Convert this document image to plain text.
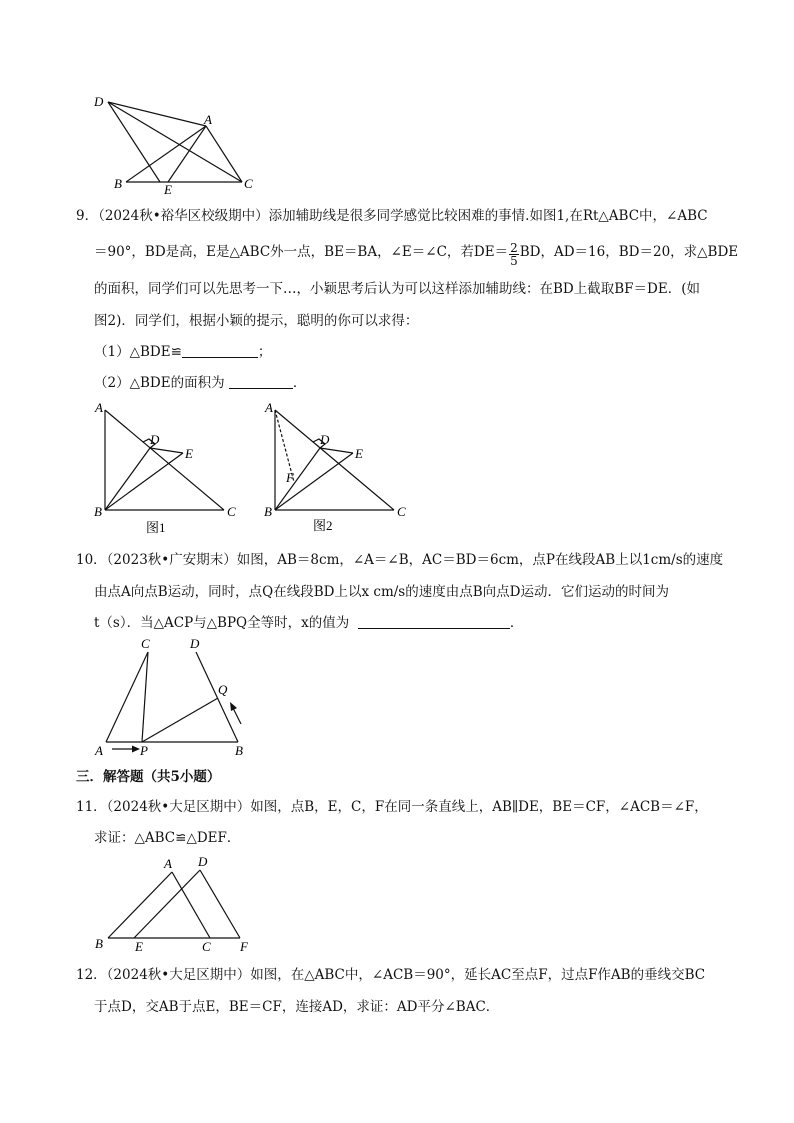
D
A
B	E	C
9．（2024秋•裕华区校级期中）添加辅助线是很多同学感觉比较困难的事情.如图1,在Rt△ABC中，∠ABC
＝90°，BD是高，E是△ABC外一点，BE＝BA，∠E＝∠C，若$DE= \frac{2}{5}$ BD，AD＝16，BD＝20，求△BDE
的面积，同学们可以先思考一下…，小颖思考后认为可以这样添加辅助线：在BD上截取BF＝DE．(如
图2)．同学们，根据小颖的提示，聪明的你可以求得：
（1）△BDE≌	；
（2）△BDE的面积为	．
A
D
E
B	C
图1
A
D
E
F
B	C
图2
10．（2023秋•广安期末）如图，AB＝8cm，∠A＝∠B，AC＝BD＝6cm，点P在线段AB上以1cm/s的速度
由点A向点B运动，同时，点Q在线段BD上以x cm/s的速度由点B向点D运动．它们运动的时间为
t（s）．当△ACP与△BPQ全等时，x的值为	．
C	D
Q
A	P	B
三．解答题（共5小题）
11．（2024秋•大足区期中）如图，点B，E，C，F在同一条直线上，AB∥DE，BE＝CF，∠ACB＝∠F，
求证：△ABC≌△DEF．
A D
B E	C F
12．（2024秋•大足区期中）如图，在△ABC中，∠ACB＝90°，延长AC至点F，过点F作AB的垂线交BC
于点D，交AB于点E，BE＝CF，连接AD，求证：AD平分∠BAC．
